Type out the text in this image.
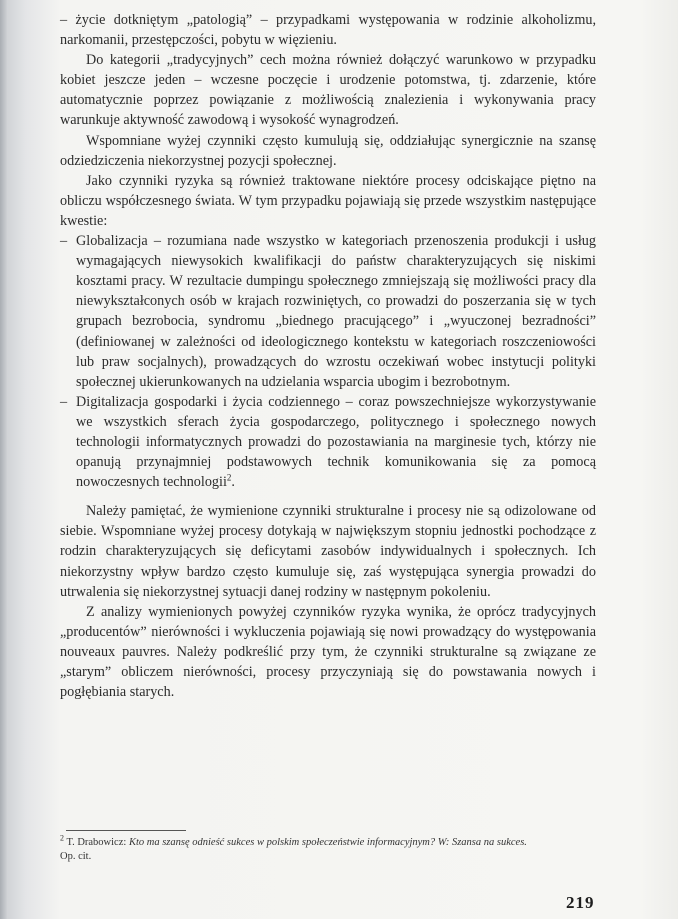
– życie dotkniętym „patologią” – przypadkami występowania w rodzinie alkoholizmu, narkomanii, przestępczości, pobytu w więzieniu.

Do kategorii „tradycyjnych” cech można również dołączyć warunkowo w przypadku kobiet jeszcze jeden – wczesne poczęcie i urodzenie potomstwa, tj. zdarzenie, które automatycznie poprzez powiązanie z możliwością znalezienia i wykonywania pracy warunkuje aktywność zawodową i wysokość wynagrodzeń.

Wspomniane wyżej czynniki często kumulują się, oddziałując synergicznie na szansę odziedziczenia niekorzystnej pozycji społecznej.

Jako czynniki ryzyka są również traktowane niektóre procesy odciskające piętno na obliczu współczesnego świata. W tym przypadku pojawiają się przede wszystkim następujące kwestie:

– Globalizacja – rozumiana nade wszystko w kategoriach przenoszenia produkcji i usług wymagających niewysokich kwalifikacji do państw charakteryzujących się niskimi kosztami pracy. W rezultacie dumpingu społecznego zmniejszają się możliwości pracy dla niewykształconych osób w krajach rozwiniętych, co prowadzi do poszerzania się w tych grupach bezrobocia, syndromu „biednego pracującego” i „wyuczonej bezradności” (definiowanej w zależności od ideologicznego kontekstu w kategoriach roszczeniowości lub praw socjalnych), prowadzących do wzrostu oczekiwań wobec instytucji polityki społecznej ukierunkowanych na udzielania wsparcia ubogim i bezrobotnym.
– Digitalizacja gospodarki i życia codziennego – coraz powszechniejsze wykorzystywanie we wszystkich sferach życia gospodarczego, politycznego i społecznego nowych technologii informatycznych prowadzi do pozostawiania na marginesie tych, którzy nie opanują przynajmniej podstawowych technik komunikowania się za pomocą nowoczesnych technologii$^2$.

Należy pamiętać, że wymienione czynniki strukturalne i procesy nie są odizolowane od siebie. Wspomniane wyżej procesy dotykają w największym stopniu jednostki pochodzące z rodzin charakteryzujących się deficytami zasobów indywidualnych i społecznych. Ich niekorzystny wpływ bardzo często kumuluje się, zaś występująca synergia prowadzi do utrwalenia się niekorzystnej sytuacji danej rodziny w następnym pokoleniu.

Z analizy wymienionych powyżej czynników ryzyka wynika, że oprócz tradycyjnych „producentów” nierówności i wykluczenia pojawiają się nowi prowadzący do występowania nouveaux pauvres. Należy podkreślić przy tym, że czynniki strukturalne są związane ze „starym” obliczem nierówności, procesy przyczyniają się do powstawania nowych i pogłębiania starych.

$^2$ T. Drabowicz: Kto ma szansę odnieść sukces w polskim społeczeństwie informacyjnym? W: Szansa na sukces.
Op. cit.
219
